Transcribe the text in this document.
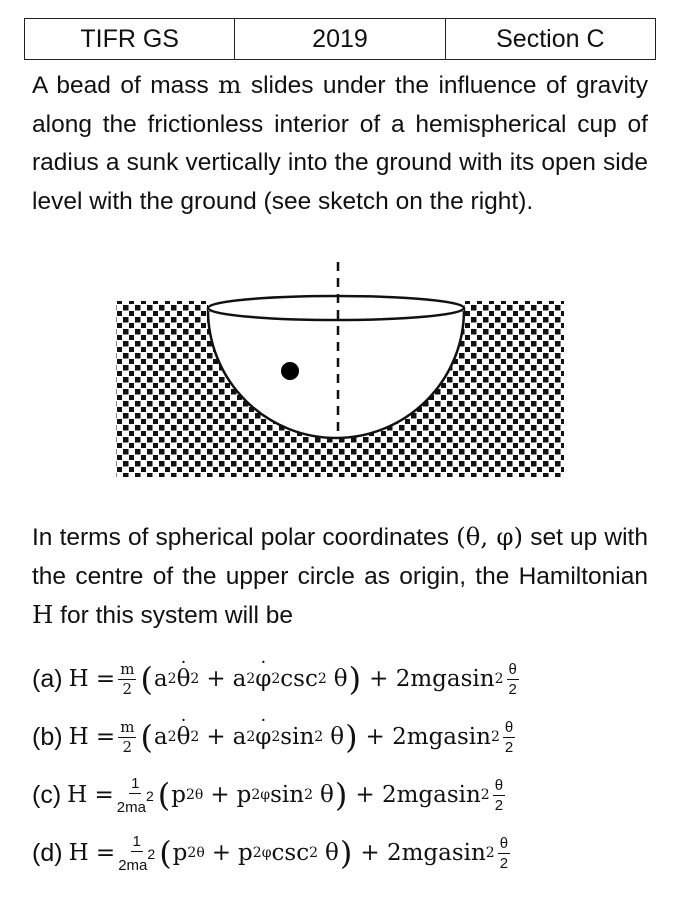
TIFR GS	2019	Section C

A bead of mass m slides under the influence of gravity along the frictionless interior of a hemispherical cup of radius a sunk vertically into the ground with its open side level with the ground (see sketch on the right).

In terms of spherical polar coordinates (θ, φ) set up with the centre of the upper circle as origin, the Hamiltonian H for this system will be

(a) $H = \frac{m}{2}$ ( a 2 θ ˙ 2 + a 2 φ ˙ 2 csc 2 θ ) + 2mgasin $2 \frac{\theta}{2}$
(b) $H = \frac{m}{2}$ ( a 2 θ ˙ 2 + a 2 φ ˙ 2 sin 2 θ ) + 2mgasin $2 \frac{\theta}{2}$
(c) $H = \frac{1}{2ma^2}$ ( p 2 θ + p 2 φ sin 2 θ ) + 2mgasin $2 \frac{\theta}{2}$
(d) $H = \frac{1}{2ma^2}$ ( p 2 θ + p 2 φ csc 2 θ ) + 2mgasin $2 \frac{\theta}{2}$
